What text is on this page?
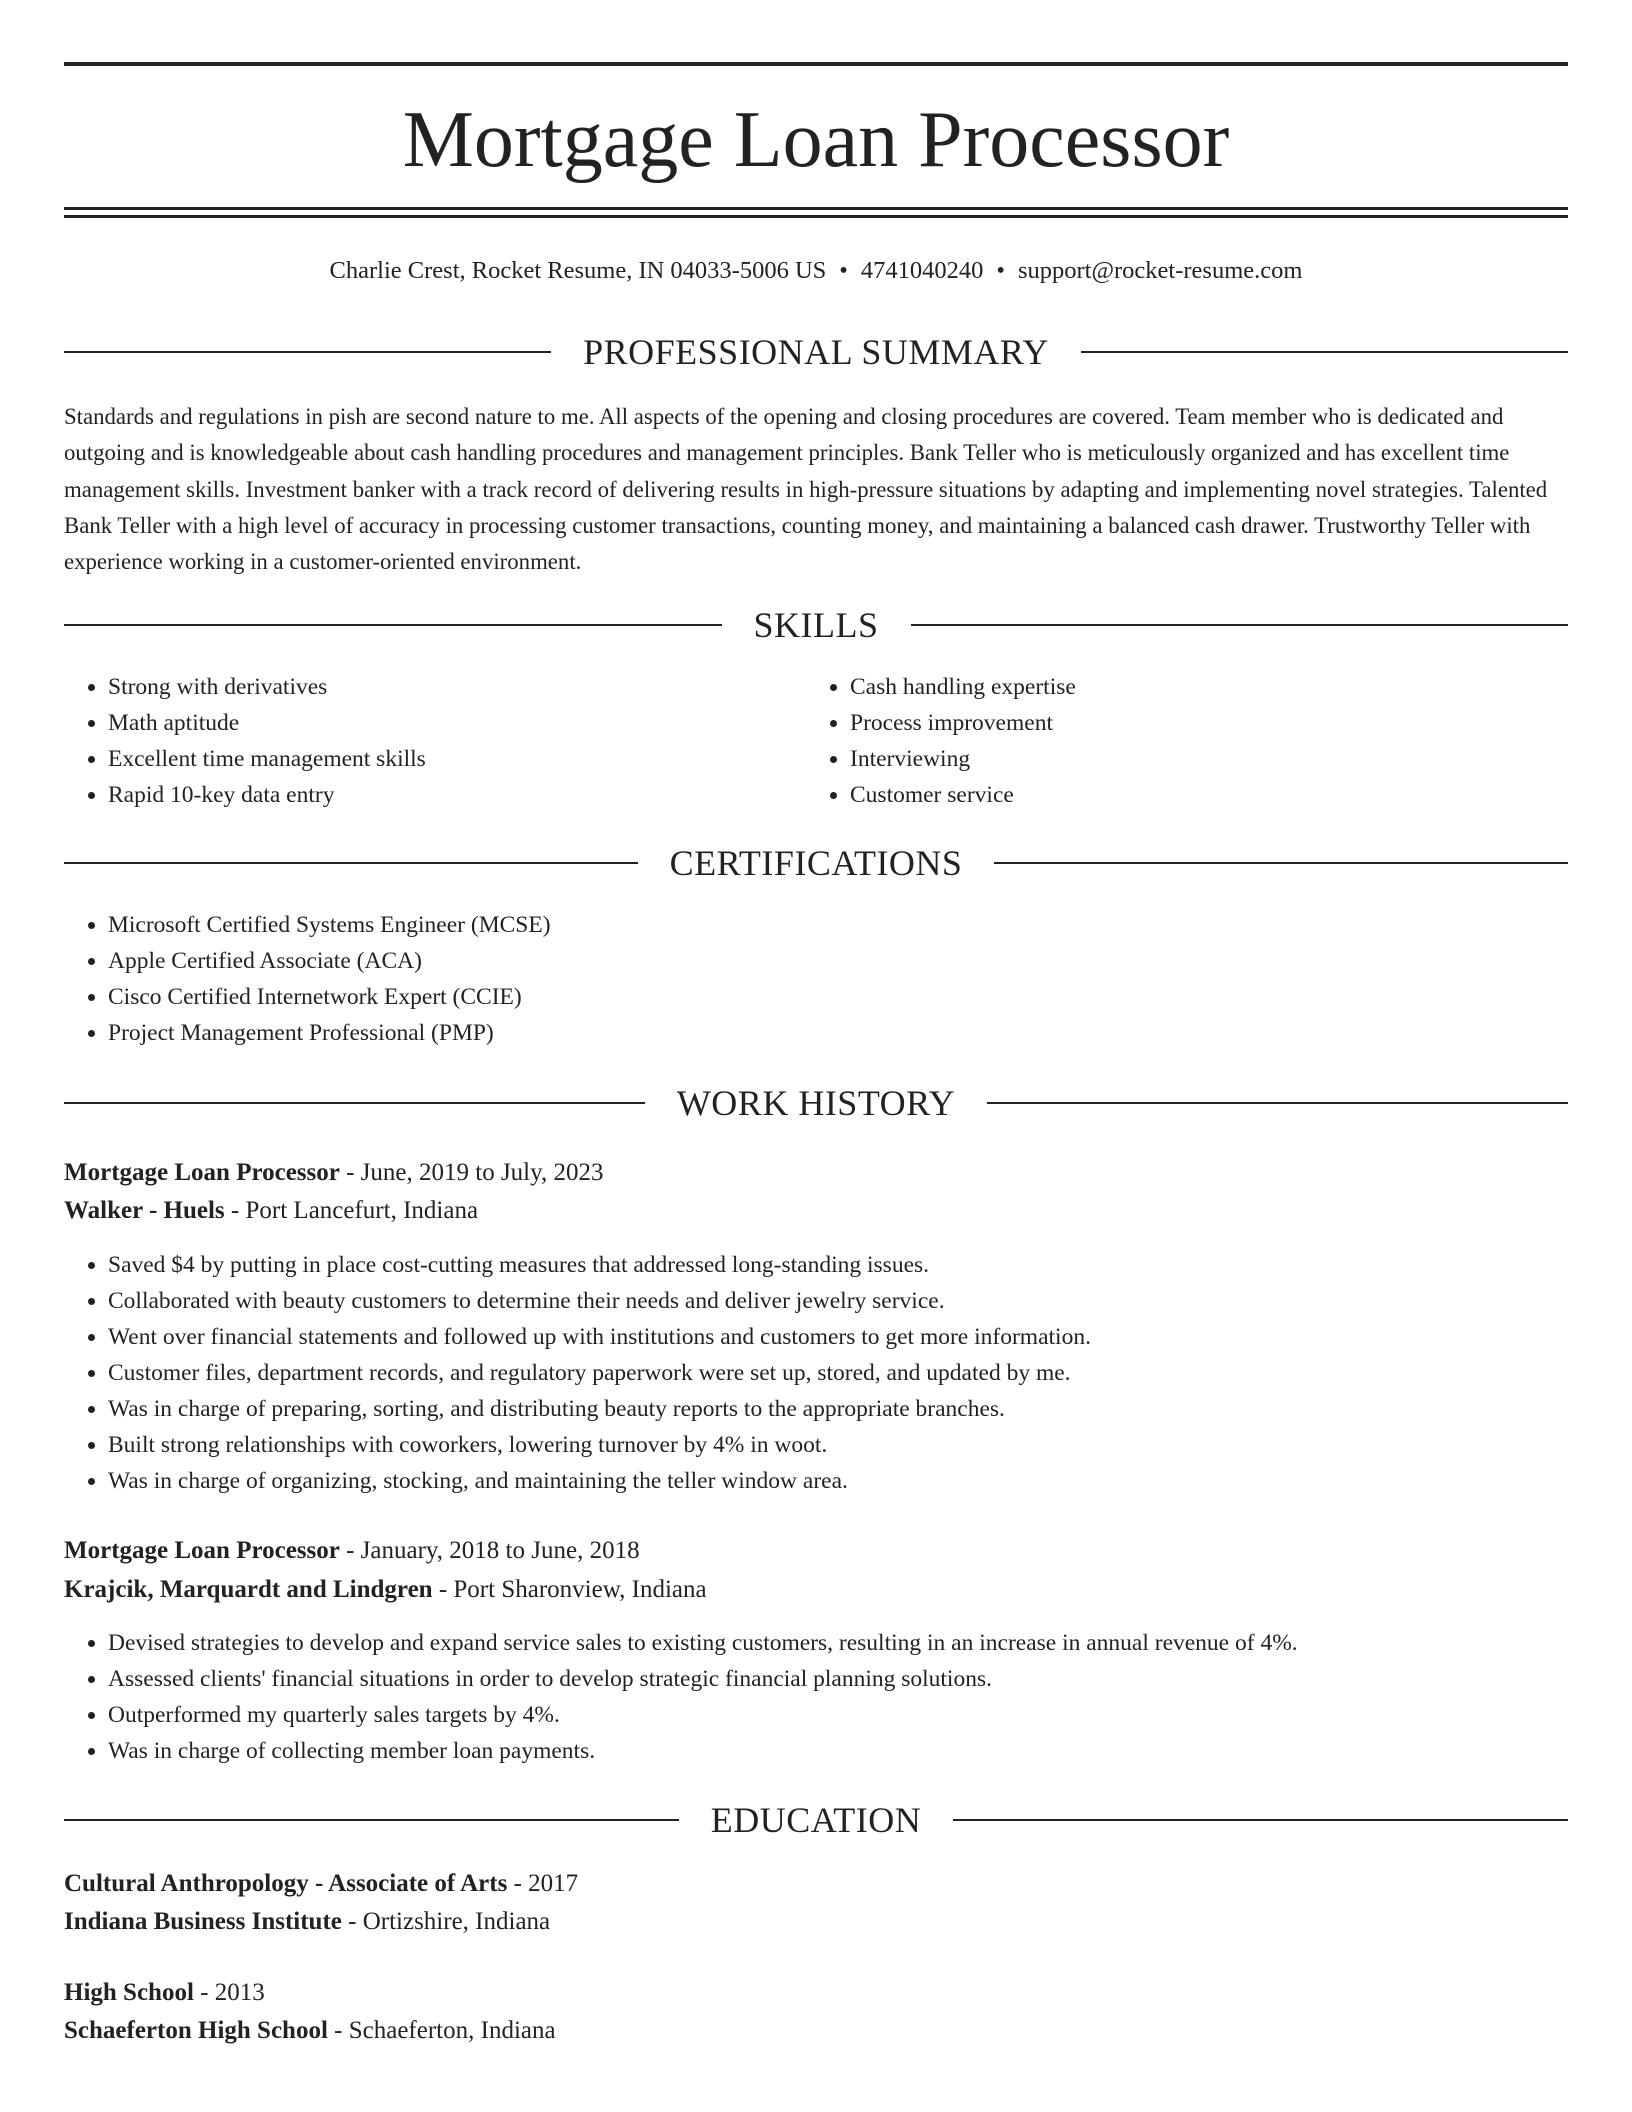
Mortgage Loan Processor
Charlie Crest, Rocket Resume, IN 04033-5006 US • 4741040240 • support@rocket-resume.com
PROFESSIONAL SUMMARY

Standards and regulations in pish are second nature to me. All aspects of the opening and closing procedures are covered. Team member who is dedicated and outgoing and is knowledgeable about cash handling procedures and management principles. Bank Teller who is meticulously organized and has excellent time management skills. Investment banker with a track record of delivering results in high-pressure situations by adapting and implementing novel strategies. Talented Bank Teller with a high level of accuracy in processing customer transactions, counting money, and maintaining a balanced cash drawer. Trustworthy Teller with experience working in a customer-oriented environment.

SKILLS
• Strong with derivatives
• Math aptitude
• Excellent time management skills
• Rapid 10-key data entry
• Cash handling expertise
• Process improvement
• Interviewing
• Customer service
CERTIFICATIONS
• Microsoft Certified Systems Engineer (MCSE)
• Apple Certified Associate (ACA)
• Cisco Certified Internetwork Expert (CCIE)
• Project Management Professional (PMP)
WORK HISTORY
Mortgage Loan Processor - June, 2019 to July, 2023
Walker - Huels - Port Lancefurt, Indiana
• Saved $4 by putting in place cost-cutting measures that addressed long-standing issues.
• Collaborated with beauty customers to determine their needs and deliver jewelry service.
• Went over financial statements and followed up with institutions and customers to get more information.
• Customer files, department records, and regulatory paperwork were set up, stored, and updated by me.
• Was in charge of preparing, sorting, and distributing beauty reports to the appropriate branches.
• Built strong relationships with coworkers, lowering turnover by 4% in woot.
• Was in charge of organizing, stocking, and maintaining the teller window area.
Mortgage Loan Processor - January, 2018 to June, 2018
Krajcik, Marquardt and Lindgren - Port Sharonview, Indiana
• Devised strategies to develop and expand service sales to existing customers, resulting in an increase in annual revenue of 4%.
• Assessed clients' financial situations in order to develop strategic financial planning solutions.
• Outperformed my quarterly sales targets by 4%.
• Was in charge of collecting member loan payments.
EDUCATION
Cultural Anthropology - Associate of Arts - 2017
Indiana Business Institute - Ortizshire, Indiana
High School - 2013
Schaeferton High School - Schaeferton, Indiana
